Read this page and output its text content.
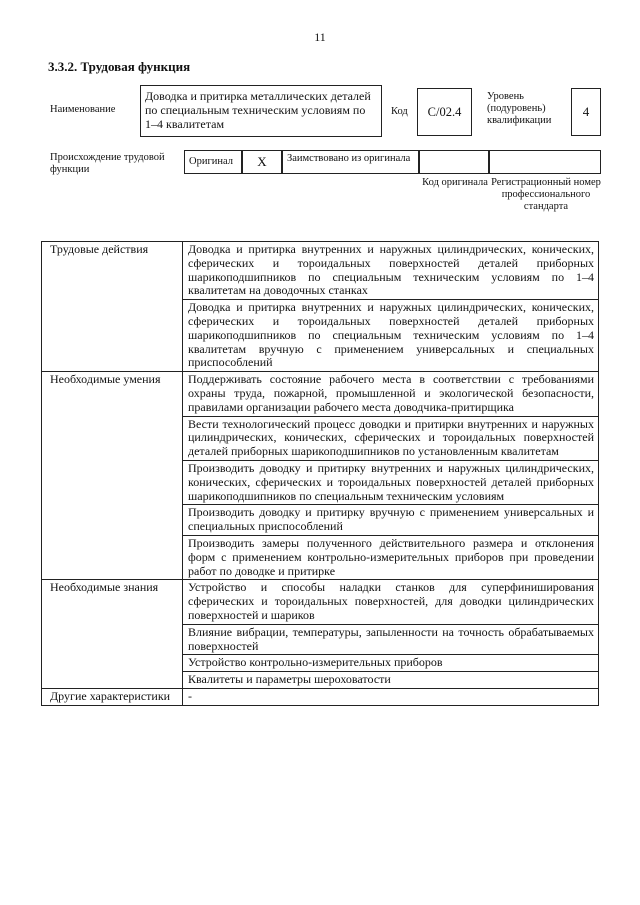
11
3.3.2. Трудовая функция
Наименование
Доводка и притирка металлических деталей по специальным техническим условиям по 1–4 квалитетам
Код	С/02.4
Уровень (подуровень) квалификации
4
Происхождение трудовой функции
Оригинал	X	Заимствовано из оригинала
Код оригинала Регистрационный номер профессионального стандарта
Трудовые действия	Доводка и притирка внутренних и наружных цилиндрических, конических, сферических и тороидальных поверхностей деталей приборных шарикоподшипников по специальным техническим условиям по 1–4 квалитетам на доводочных станках
	Доводка и притирка внутренних и наружных цилиндрических, конических, сферических и тороидальных поверхностей деталей приборных шарикоподшипников по специальным техническим условиям по 1–4 квалитетам вручную с применением универсальных и специальных приспособлений
Необходимые умения	Поддерживать состояние рабочего места в соответствии с требованиями охраны труда, пожарной, промышленной и экологической безопасности, правилами организации рабочего места доводчика-притирщика
	Вести технологический процесс доводки и притирки внутренних и наружных цилиндрических, конических, сферических и тороидальных поверхностей деталей приборных шарикоподшипников по установленным квалитетам
	Производить доводку и притирку внутренних и наружных цилиндрических, конических, сферических и тороидальных поверхностей деталей приборных шарикоподшипников по специальным техническим условиям
	Производить доводку и притирку вручную с применением универсальных и специальных приспособлений
	Производить замеры полученного действительного размера и отклонения форм с применением контрольно-измерительных приборов при проведении работ по доводке и притирке
Необходимые знания	Устройство и способы наладки станков для суперфиниширования сферических и тороидальных поверхностей, для доводки цилиндрических поверхностей и шариков
	Влияние вибрации, температуры, запыленности на точность обрабатываемых поверхностей
	Устройство контрольно-измерительных приборов
	Квалитеты и параметры шероховатости
Другие характеристики	-
